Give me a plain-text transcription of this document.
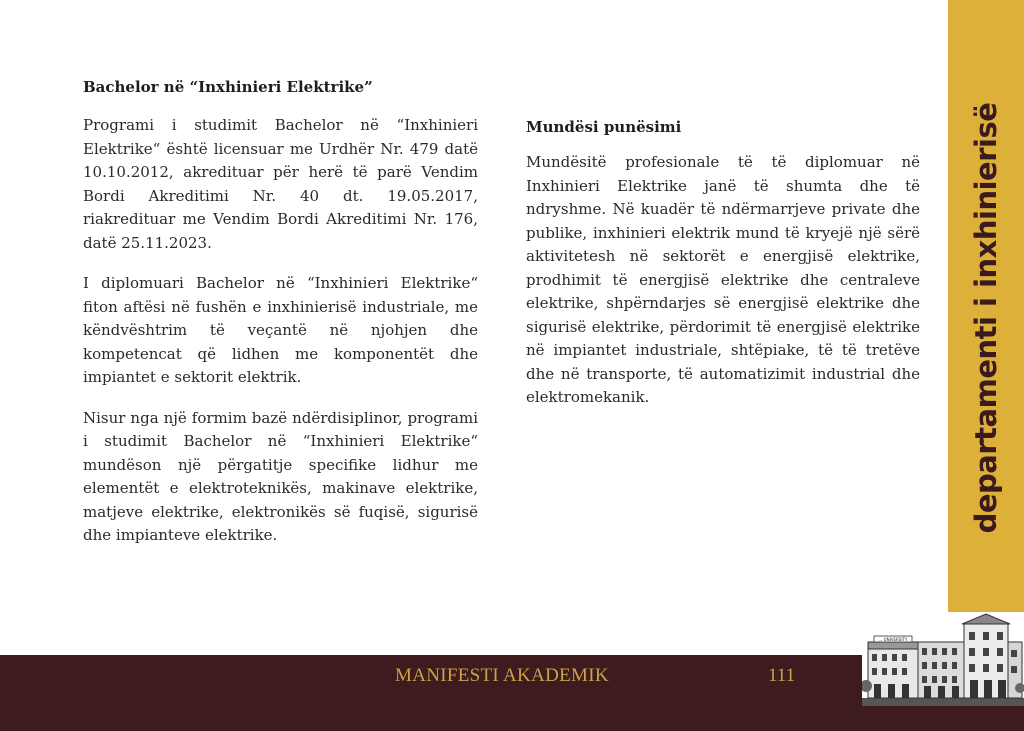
Bachelor në “Inxhinieri Elektrike”

Programi i studimit Bachelor në “Inxhinieri Elektrike“ është licensuar me Urdhër Nr. 479 datë 10.10.2012, akredituar për herë të parë Vendim Bordi Akreditimi Nr. 40 dt. 19.05.2017, riakredituar me Vendim Bordi Akreditimi Nr. 176, datë 25.11.2023.

I diplomuari Bachelor në “Inxhinieri Elektrike“ fiton aftësi në fushën e inxhinierisë industriale, me këndvështrim të veçantë në njohjen dhe kompetencat që lidhen me komponentët dhe impiantet e sektorit elektrik.

Nisur nga një formim bazë ndërdisiplinor, programi i studimit Bachelor në “Inxhinieri Elektrike“ mundëson një përgatitje specifike lidhur me elementët e elektroteknikës, makinave elektrike, matjeve elektrike, elektronikës së fuqisë, sigurisë dhe impianteve elektrike.

Mundësi punësimi

Mundësitë profesionale të të diplomuar në Inxhinieri Elektrike janë të shumta dhe të ndryshme. Në kuadër të ndërmarrjeve private dhe publike, inxhinieri elektrik mund të kryejë një sërë aktivitetesh në sektorët e energjisë elektrike, prodhimit të energjisë elektrike dhe centraleve elektrike, shpërndarjes së energjisë elektrike dhe sigurisë elektrike, përdorimit të energjisë elektrike në impiantet industriale, shtëpiake, të të tretëve dhe në transporte, të automatizimit industrial dhe elektromekanik.	departamenti i inxhinierisë
MANIFESTI AKADEMIK	111
... UNIVERSITY
